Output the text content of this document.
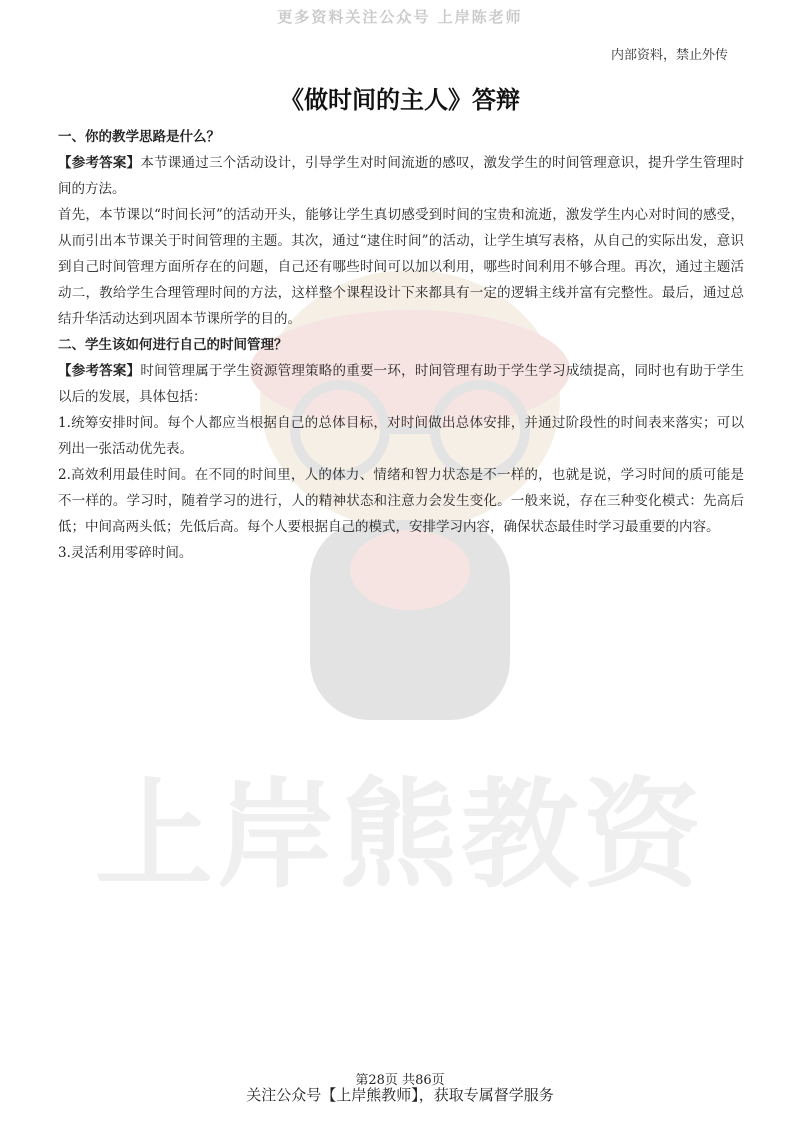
更多资料关注公众号 上岸陈老师
内部资料，禁止外传
《做时间的主人》答辩
上岸熊教资

一、你的教学思路是什么？

【参考答案】本节课通过三个活动设计，引导学生对时间流逝的感叹，激发学生的时间管理意识，提升学生管理时间的方法。

首先，本节课以“时间长河”的活动开头，能够让学生真切感受到时间的宝贵和流逝，激发学生内心对时间的感受，从而引出本节课关于时间管理的主题。其次，通过“逮住时间”的活动，让学生填写表格，从自己的实际出发，意识到自己时间管理方面所存在的问题，自己还有哪些时间可以加以利用，哪些时间利用不够合理。再次，通过主题活动二，教给学生合理管理时间的方法，这样整个课程设计下来都具有一定的逻辑主线并富有完整性。最后，通过总结升华活动达到巩固本节课所学的目的。

二、学生该如何进行自己的时间管理？

【参考答案】时间管理属于学生资源管理策略的重要一环，时间管理有助于学生学习成绩提高，同时也有助于学生以后的发展，具体包括：

1.统筹安排时间。每个人都应当根据自己的总体目标，对时间做出总体安排，并通过阶段性的时间表来落实；可以列出一张活动优先表。

2.高效利用最佳时间。在不同的时间里，人的体力、情绪和智力状态是不一样的，也就是说，学习时间的质可能是不一样的。学习时，随着学习的进行，人的精神状态和注意力会发生变化。一般来说，存在三种变化模式：先高后低；中间高两头低；先低后高。每个人要根据自己的模式，安排学习内容，确保状态最佳时学习最重要的内容。

3.灵活利用零碎时间。

第28页 共86页
关注公众号【上岸熊教师】，获取专属督学服务
